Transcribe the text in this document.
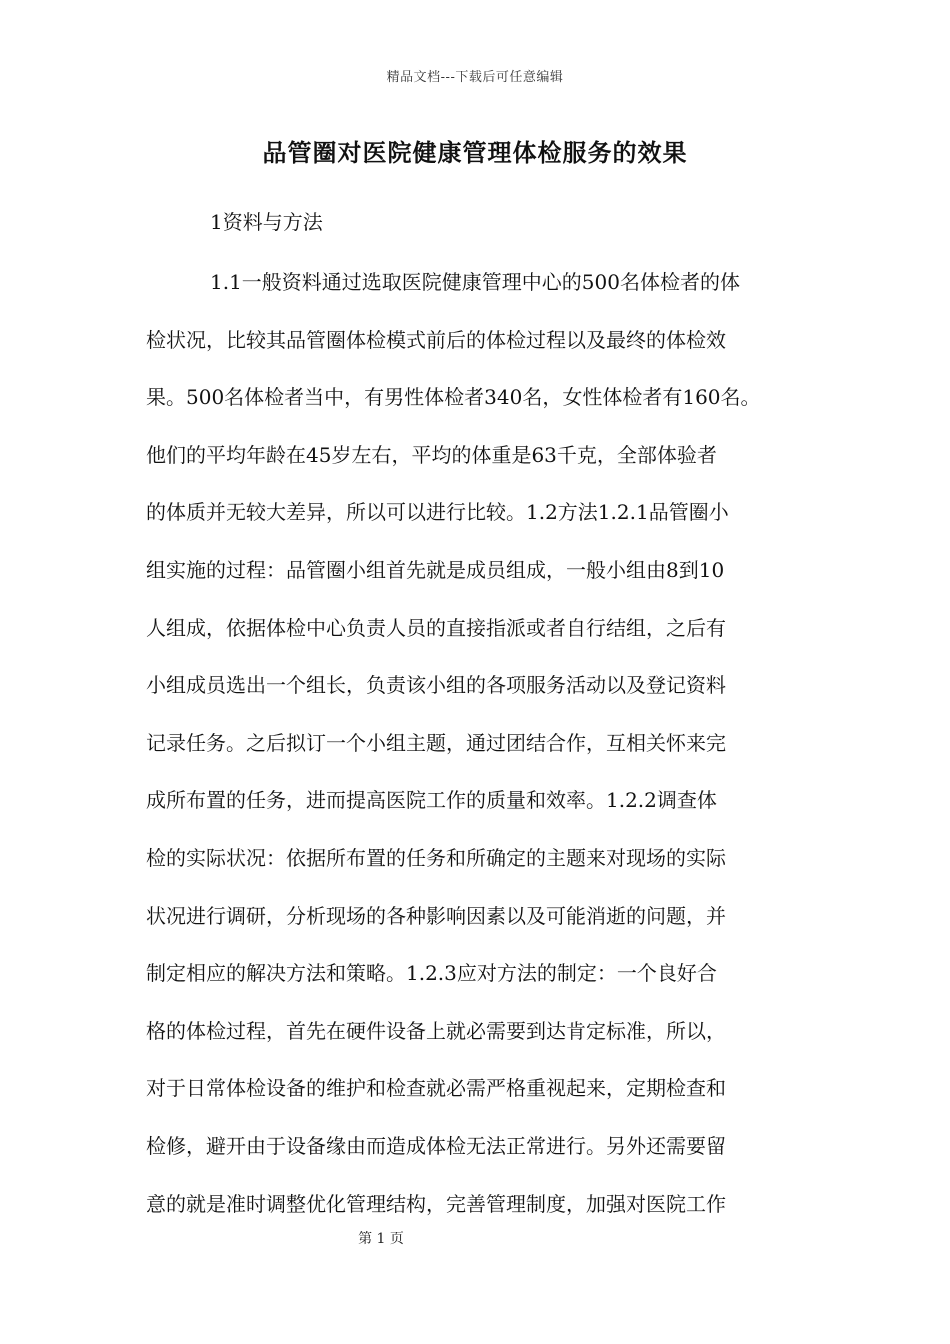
精品文档---下载后可任意编辑
品管圈对医院健康管理体检服务的效果
1资料与方法
1.1一般资料通过选取医院健康管理中心的500名体检者的体
检状况，比较其品管圈体检模式前后的体检过程以及最终的体检效
果。500名体检者当中，有男性体检者340名，女性体检者有160名。
他们的平均年龄在45岁左右，平均的体重是63千克，全部体验者
的体质并无较大差异，所以可以进行比较。1.2方法1.2.1品管圈小
组实施的过程：品管圈小组首先就是成员组成，一般小组由8到10
人组成，依据体检中心负责人员的直接指派或者自行结组，之后有
小组成员选出一个组长，负责该小组的各项服务活动以及登记资料
记录任务。之后拟订一个小组主题，通过团结合作，互相关怀来完
成所布置的任务，进而提高医院工作的质量和效率。1.2.2调查体
检的实际状况：依据所布置的任务和所确定的主题来对现场的实际
状况进行调研，分析现场的各种影响因素以及可能消逝的问题，并
制定相应的解决方法和策略。1.2.3应对方法的制定：一个良好合
格的体检过程，首先在硬件设备上就必需要到达肯定标准，所以，
对于日常体检设备的维护和检查就必需严格重视起来，定期检查和
检修，避开由于设备缘由而造成体检无法正常进行。另外还需要留
意的就是准时调整优化管理结构，完善管理制度，加强对医院工作
第 1 页
